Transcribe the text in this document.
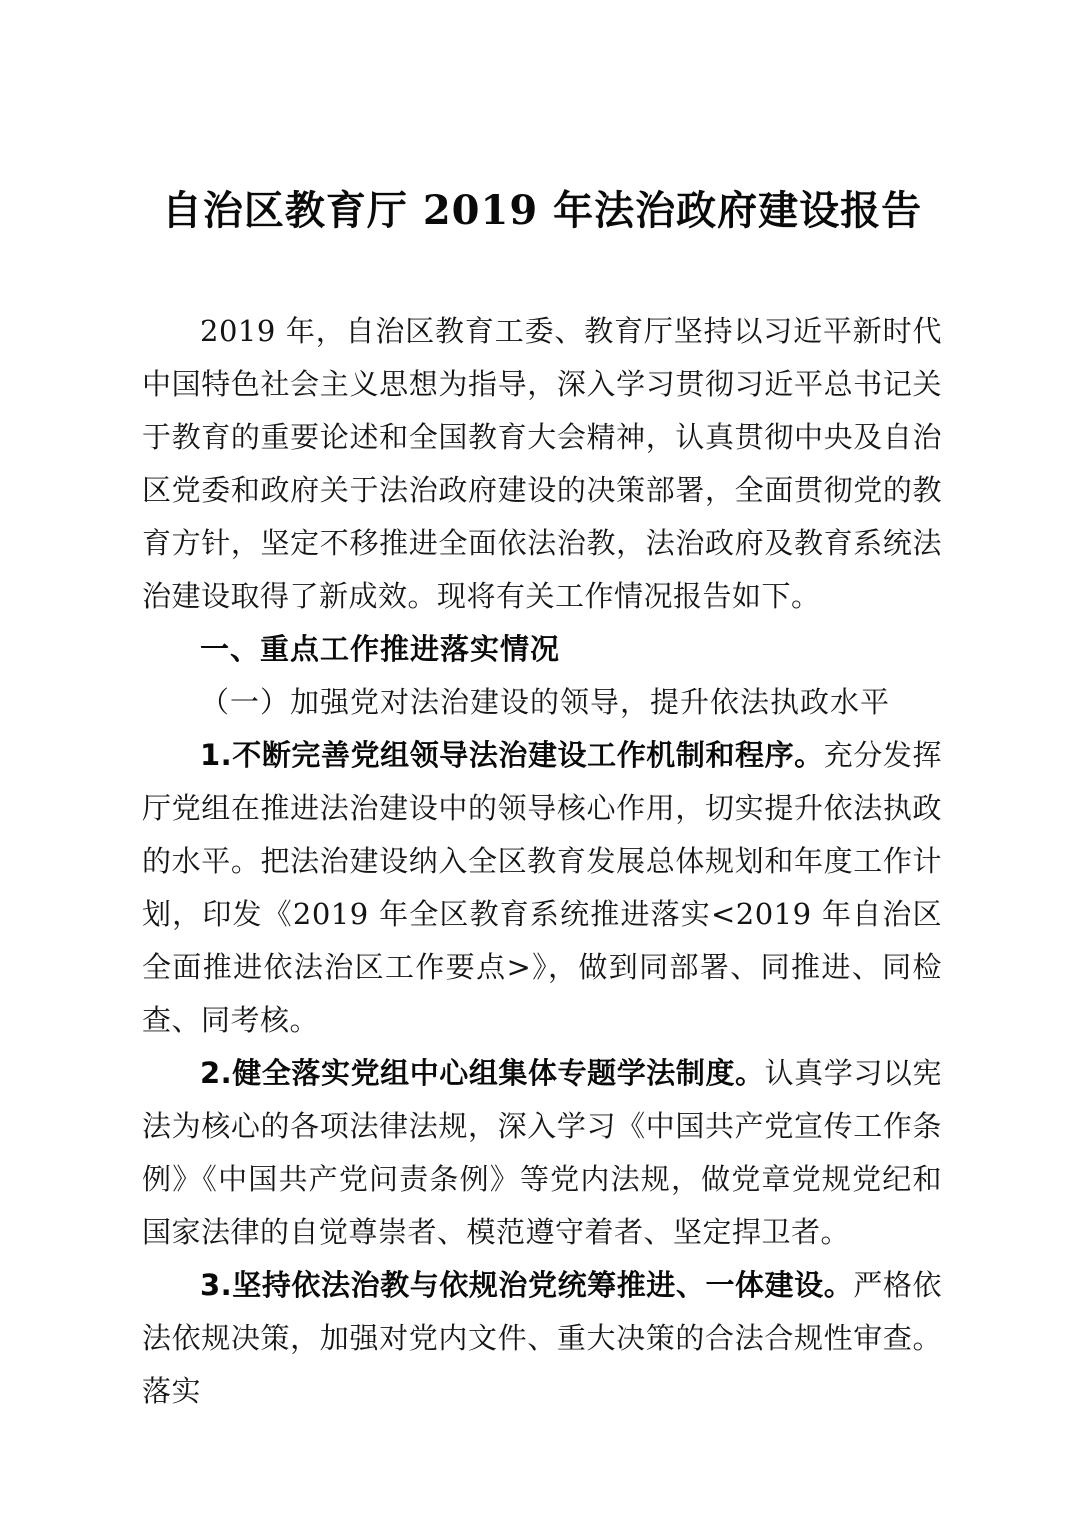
自治区教育厅 2019 年法治政府建设报告

2019 年，自治区教育工委、教育厅坚持以习近平新时代中国特色社会主义思想为指导，深入学习贯彻习近平总书记关于教育的重要论述和全国教育大会精神，认真贯彻中央及自治区党委和政府关于法治政府建设的决策部署，全面贯彻党的教育方针，坚定不移推进全面依法治教，法治政府及教育系统法治建设取得了新成效。现将有关工作情况报告如下。

一、重点工作推进落实情况

（一）加强党对法治建设的领导，提升依法执政水平

1.不断完善党组领导法治建设工作机制和程序。充分发挥厅党组在推进法治建设中的领导核心作用，切实提升依法执政的水平。把法治建设纳入全区教育发展总体规划和年度工作计划，印发《2019 年全区教育系统推进落实<2019 年自治区全面推进依法治区工作要点>》，做到同部署、同推进、同检查、同考核。

2.健全落实党组中心组集体专题学法制度。认真学习以宪法为核心的各项法律法规，深入学习《中国共产党宣传工作条例》《中国共产党问责条例》等党内法规，做党章党规党纪和国家法律的自觉尊崇者、模范遵守着者、坚定捍卫者。

3.坚持依法治教与依规治党统筹推进、一体建设。严格依法依规决策，加强对党内文件、重大决策的合法合规性审查。落实
